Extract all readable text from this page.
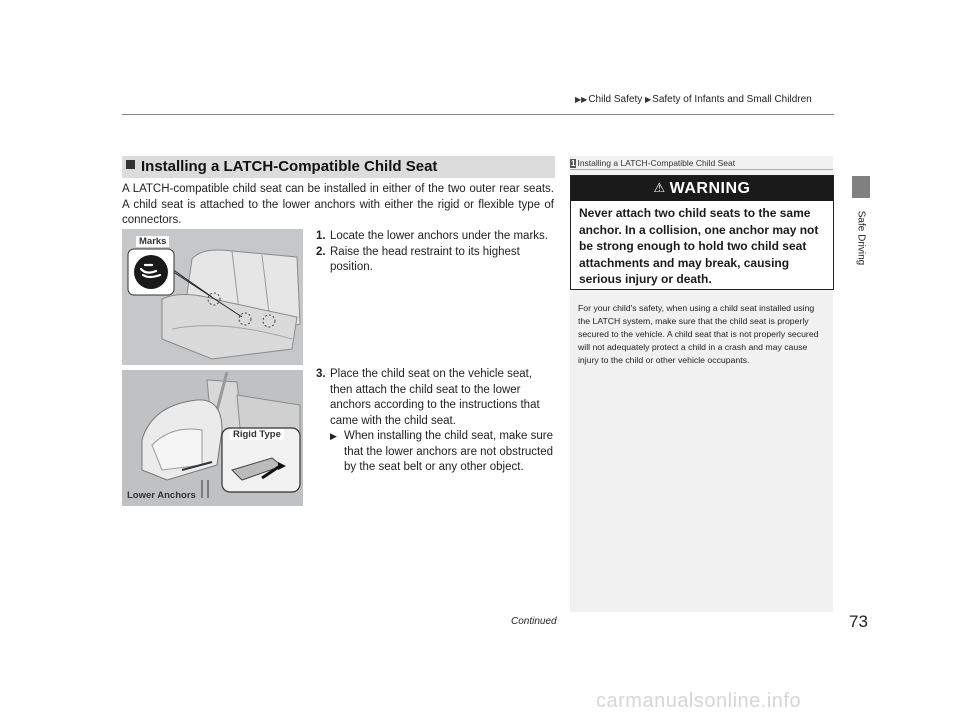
▶▶Child Safety ▶Safety of Infants and Small Children
Safe Driving
Installing a LATCH-Compatible Child Seat
A LATCH-compatible child seat can be installed in either of the two outer rear seats. A child seat is attached to the lower anchors with either the rigid or flexible type of connectors.
Marks
Rigid Type
Lower Anchors
1. Locate the lower anchors under the marks.
2. Raise the head restraint to its highest position.
3. Place the child seat on the vehicle seat, then attach the child seat to the lower anchors according to the instructions that came with the child seat.
▶ When installing the child seat, make sure that the lower anchors are not obstructed by the seat belt or any other object.
1 Installing a LATCH-Compatible Child Seat
⚠ WARNING
Never attach two child seats to the same anchor. In a collision, one anchor may not be strong enough to hold two child seat attachments and may break, causing serious injury or death.
For your child's safety, when using a child seat installed using the LATCH system, make sure that the child seat is properly secured to the vehicle. A child seat that is not properly secured will not adequately protect a child in a crash and may cause injury to the child or other vehicle occupants.
Continued	73
carmanualsonline.info
